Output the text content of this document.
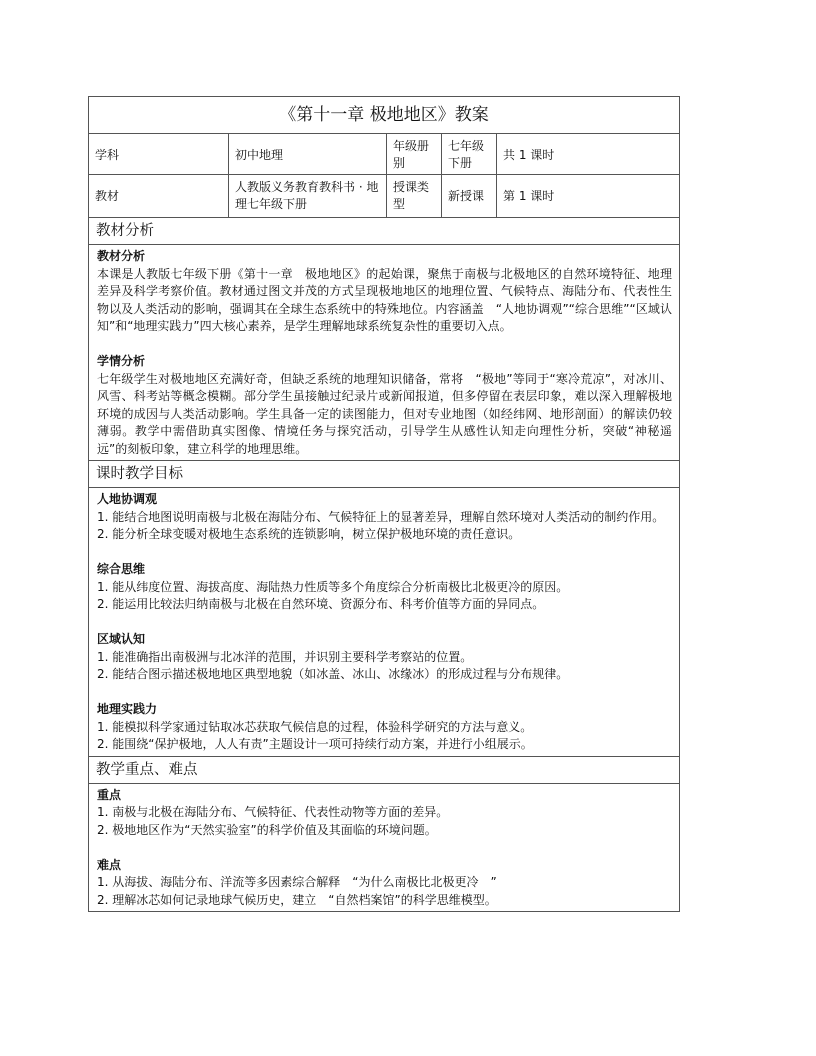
《第十一章 极地地区》教案
学科	初中地理
年级册别
七年级下册
共 1 课时
教材
人教版义务教育教科书 · 地理七年级下册
授课类型
新授课	第 1 课时
教材分析
教材分析
本课是人教版七年级下册《第十一章　极地地区》的起始课，聚焦于南极与北极地区的自然环境特征、地理差异及科学考察价值。教材通过图文并茂的方式呈现极地地区的地理位置、气候特点、海陆分布、代表性生物以及人类活动的影响，强调其在全球生态系统中的特殊地位。内容涵盖　“人地协调观”“综合思维”“区域认知”和“地理实践力”四大核心素养，是学生理解地球系统复杂性的重要切入点。
学情分析
七年级学生对极地地区充满好奇，但缺乏系统的地理知识储备，常将　“极地”等同于“寒冷荒凉”，对冰川、风雪、科考站等概念模糊。部分学生虽接触过纪录片或新闻报道，但多停留在表层印象，难以深入理解极地环境的成因与人类活动影响。学生具备一定的读图能力，但对专业地图（如经纬网、地形剖面）的解读仍较薄弱。教学中需借助真实图像、情境任务与探究活动，引导学生从感性认知走向理性分析，突破“神秘遥远”的刻板印象，建立科学的地理思维。
课时教学目标
人地协调观
1. 能结合地图说明南极与北极在海陆分布、气候特征上的显著差异，理解自然环境对人类活动的制约作用。
2. 能分析全球变暖对极地生态系统的连锁影响，树立保护极地环境的责任意识。
综合思维
1. 能从纬度位置、海拔高度、海陆热力性质等多个角度综合分析南极比北极更冷的原因。
2. 能运用比较法归纳南极与北极在自然环境、资源分布、科考价值等方面的异同点。
区域认知
1. 能准确指出南极洲与北冰洋的范围，并识别主要科学考察站的位置。
2. 能结合图示描述极地地区典型地貌（如冰盖、冰山、冰缘冰）的形成过程与分布规律。
地理实践力
1. 能模拟科学家通过钻取冰芯获取气候信息的过程，体验科学研究的方法与意义。
2. 能围绕“保护极地，人人有责”主题设计一项可持续行动方案，并进行小组展示。
教学重点、难点
重点
1. 南极与北极在海陆分布、气候特征、代表性动物等方面的差异。
2. 极地地区作为“天然实验室”的科学价值及其面临的环境问题。
难点
1. 从海拔、海陆分布、洋流等多因素综合解释　“为什么南极比北极更冷　”
2. 理解冰芯如何记录地球气候历史，建立　“自然档案馆”的科学思维模型。
